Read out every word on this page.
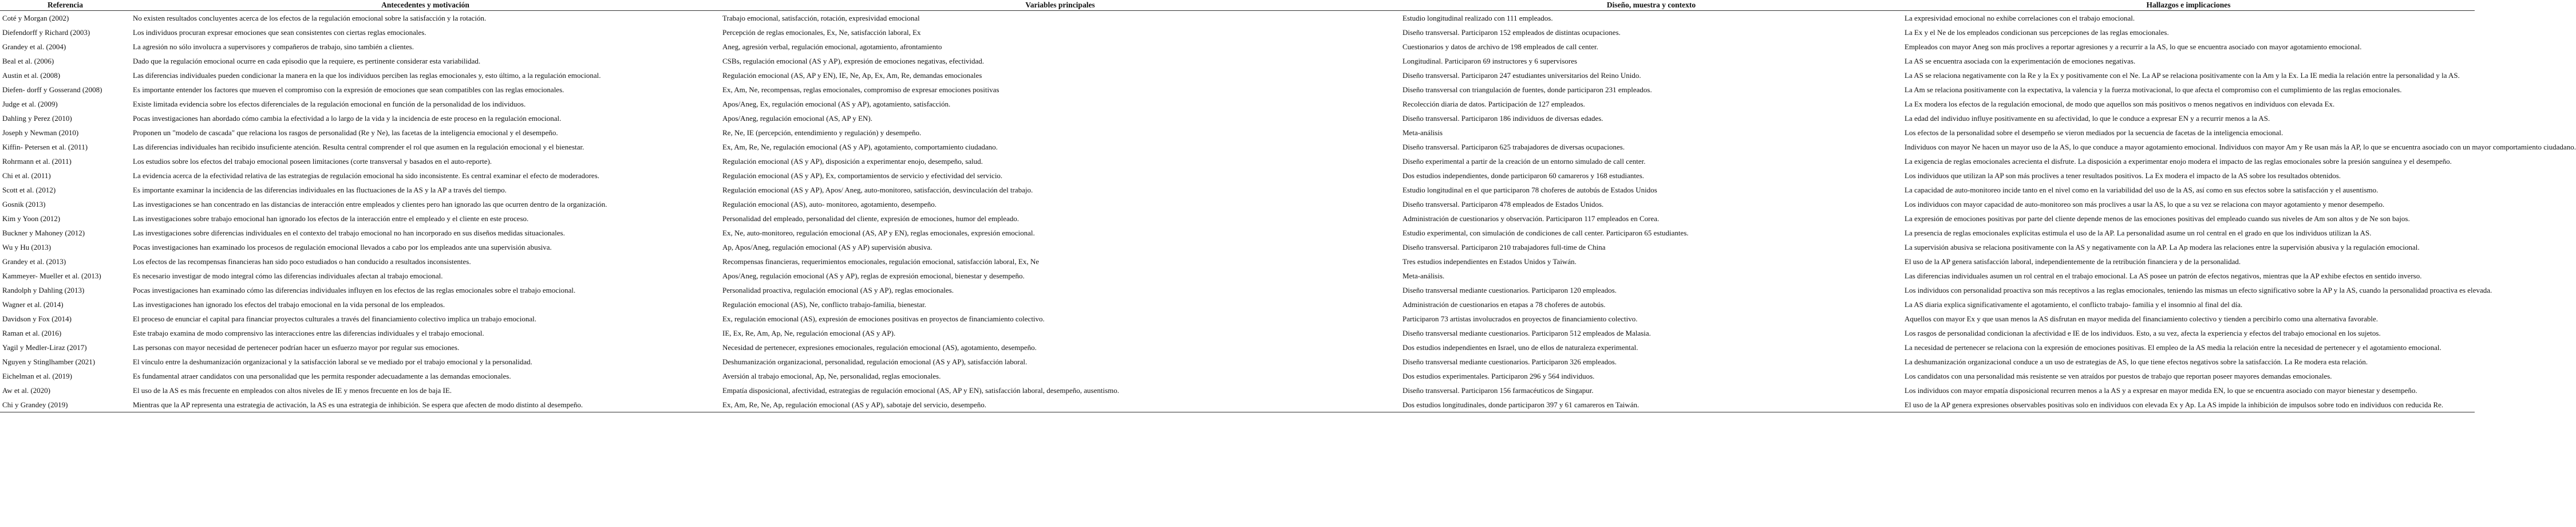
Referencia	Antecedentes y motivación	Variables principales	Diseño, muestra y contexto	Hallazgos e implicaciones
Coté y Morgan (2002)	No existen resultados concluyentes acerca de los efectos de la regulación emocional sobre la satisfacción y la rotación.	Trabajo emocional, satisfacción, rotación, expresividad emocional	Estudio longitudinal realizado con 111 empleados.	La expresividad emocional no exhibe correlaciones con el trabajo emocional.
Diefendorff y Richard (2003)	Los individuos procuran expresar emociones que sean consistentes con ciertas reglas emocionales.	Percepción de reglas emocionales, Ex, Ne, satisfacción laboral, Ex	Diseño transversal. Participaron 152 empleados de distintas ocupaciones.	La Ex y el Ne de los empleados condicionan sus percepciones de las reglas emocionales.
Grandey et al. (2004)	La agresión no sólo involucra a supervisores y compañeros de trabajo, sino también a clientes.	Aneg, agresión verbal, regulación emocional, agotamiento, afrontamiento	Cuestionarios y datos de archivo de 198 empleados de call center.	Empleados con mayor Aneg son más proclives a reportar agresiones y a recurrir a la AS, lo que se encuentra asociado con mayor agotamiento emocional.
Beal et al. (2006)	Dado que la regulación emocional ocurre en cada episodio que la requiere, es pertinente considerar esta variabilidad.	CSBs, regulación emocional (AS y AP), expresión de emociones negativas, efectividad.	Longitudinal. Participaron 69 instructores y 6 supervisores	La AS se encuentra asociada con la experimentación de emociones negativas.
Austin et al. (2008)	Las diferencias individuales pueden condicionar la manera en la que los individuos perciben las reglas emocionales y, esto último, a la regulación emocional.	Regulación emocional (AS, AP y EN), IE, Ne, Ap, Ex, Am, Re, demandas emocionales	Diseño transversal. Participaron 247 estudiantes universitarios del Reino Unido.	La AS se relaciona negativamente con la Re y la Ex y positivamente con el Ne. La AP se relaciona positivamente con la Am y la Ex. La IE media la relación entre la personalidad y la AS.
Diefen- dorff y Gosserand (2008)	Es importante entender los factores que mueven el compromiso con la expresión de emociones que sean compatibles con las reglas emocionales.	Ex, Am, Ne, recompensas, reglas emocionales, compromiso de expresar emociones positivas	Diseño transversal con triangulación de fuentes, donde participaron 231 empleados.	La Am se relaciona positivamente con la expectativa, la valencia y la fuerza motivacional, lo que afecta el compromiso con el cumplimiento de las reglas emocionales.
Judge et al. (2009)	Existe limitada evidencia sobre los efectos diferenciales de la regulación emocional en función de la personalidad de los individuos.	Apos/Aneg, Ex, regulación emocional (AS y AP), agotamiento, satisfacción.	Recolección diaria de datos. Participación de 127 empleados.	La Ex modera los efectos de la regulación emocional, de modo que aquellos son más positivos o menos negativos en individuos con elevada Ex.
Dahling y Perez (2010)	Pocas investigaciones han abordado cómo cambia la efectividad a lo largo de la vida y la incidencia de este proceso en la regulación emocional.	Apos/Aneg, regulación emocional (AS, AP y EN).	Diseño transversal. Participaron 186 individuos de diversas edades.	La edad del individuo influye positivamente en su afectividad, lo que le conduce a expresar EN y a recurrir menos a la AS.
Joseph y Newman (2010)	Proponen un "modelo de cascada" que relaciona los rasgos de personalidad (Re y Ne), las facetas de la inteligencia emocional y el desempeño.	Re, Ne, IE (percepción, entendimiento y regulación) y desempeño.	Meta-análisis	Los efectos de la personalidad sobre el desempeño se vieron mediados por la secuencia de facetas de la inteligencia emocional.
Kiffin- Petersen et al. (2011)	Las diferencias individuales han recibido insuficiente atención. Resulta central comprender el rol que asumen en la regulación emocional y el bienestar.	Ex, Am, Re, Ne, regulación emocional (AS y AP), agotamiento, comportamiento ciudadano.	Diseño transversal. Participaron 625 trabajadores de diversas ocupaciones.	Individuos con mayor Ne hacen un mayor uso de la AS, lo que conduce a mayor agotamiento emocional. Individuos con mayor Am y Re usan más la AP, lo que se encuentra asociado con un mayor comportamiento ciudadano.
Rohrmann et al. (2011)	Los estudios sobre los efectos del trabajo emocional poseen limitaciones (corte transversal y basados en el auto-reporte).	Regulación emocional (AS y AP), disposición a experimentar enojo, desempeño, salud.	Diseño experimental a partir de la creación de un entorno simulado de call center.	La exigencia de reglas emocionales acrecienta el disfrute. La disposición a experimentar enojo modera el impacto de las reglas emocionales sobre la presión sanguínea y el desempeño.
Chi et al. (2011)	La evidencia acerca de la efectividad relativa de las estrategias de regulación emocional ha sido inconsistente. Es central examinar el efecto de moderadores.	Regulación emocional (AS y AP), Ex, comportamientos de servicio y efectividad del servicio.	Dos estudios independientes, donde participaron 60 camareros y 168 estudiantes.	Los individuos que utilizan la AP son más proclives a tener resultados positivos. La Ex modera el impacto de la AS sobre los resultados obtenidos.
Scott et al. (2012)	Es importante examinar la incidencia de las diferencias individuales en las fluctuaciones de la AS y la AP a través del tiempo.	Regulación emocional (AS y AP), Apos/ Aneg, auto-monitoreo, satisfacción, desvinculación del trabajo.	Estudio longitudinal en el que participaron 78 choferes de autobús de Estados Unidos	La capacidad de auto-monitoreo incide tanto en el nivel como en la variabilidad del uso de la AS, así como en sus efectos sobre la satisfacción y el ausentismo.
Gosnik (2013)	Las investigaciones se han concentrado en las distancias de interacción entre empleados y clientes pero han ignorado las que ocurren dentro de la organización.	Regulación emocional (AS), auto- monitoreo, agotamiento, desempeño.	Diseño transversal. Participaron 478 empleados de Estados Unidos.	Los individuos con mayor capacidad de auto-monitoreo son más proclives a usar la AS, lo que a su vez se relaciona con mayor agotamiento y menor desempeño.
Kim y Yoon (2012)	Las investigaciones sobre trabajo emocional han ignorado los efectos de la interacción entre el empleado y el cliente en este proceso.	Personalidad del empleado, personalidad del cliente, expresión de emociones, humor del empleado.	Administración de cuestionarios y observación. Participaron 117 empleados en Corea.	La expresión de emociones positivas por parte del cliente depende menos de las emociones positivas del empleado cuando sus niveles de Am son altos y de Ne son bajos.
Buckner y Mahoney (2012)	Las investigaciones sobre diferencias individuales en el contexto del trabajo emocional no han incorporado en sus diseños medidas situacionales.	Ex, Ne, auto-monitoreo, regulación emocional (AS, AP y EN), reglas emocionales, expresión emocional.	Estudio experimental, con simulación de condiciones de call center. Participaron 65 estudiantes.	La presencia de reglas emocionales explícitas estimula el uso de la AP. La personalidad asume un rol central en el grado en que los individuos utilizan la AS.
Wu y Hu (2013)	Pocas investigaciones han examinado los procesos de regulación emocional llevados a cabo por los empleados ante una supervisión abusiva.	Ap, Apos/Aneg, regulación emocional (AS y AP) supervisión abusiva.	Diseño transversal. Participaron 210 trabajadores full-time de China	La supervisión abusiva se relaciona positivamente con la AS y negativamente con la AP. La Ap modera las relaciones entre la supervisión abusiva y la regulación emocional.
Grandey et al. (2013)	Los efectos de las recompensas financieras han sido poco estudiados o han conducido a resultados inconsistentes.	Recompensas financieras, requerimientos emocionales, regulación emocional, satisfacción laboral, Ex, Ne	Tres estudios independientes en Estados Unidos y Taiwán.	El uso de la AP genera satisfacción laboral, independientemente de la retribución financiera y de la personalidad.
Kammeyer- Mueller et al. (2013)	Es necesario investigar de modo integral cómo las diferencias individuales afectan al trabajo emocional.	Apos/Aneg, regulación emocional (AS y AP), reglas de expresión emocional, bienestar y desempeño.	Meta-análisis.	Las diferencias individuales asumen un rol central en el trabajo emocional. La AS posee un patrón de efectos negativos, mientras que la AP exhibe efectos en sentido inverso.
Randolph y Dahling (2013)	Pocas investigaciones han examinado cómo las diferencias individuales influyen en los efectos de las reglas emocionales sobre el trabajo emocional.	Personalidad proactiva, regulación emocional (AS y AP), reglas emocionales.	Diseño transversal mediante cuestionarios. Participaron 120 empleados.	Los individuos con personalidad proactiva son más receptivos a las reglas emocionales, teniendo las mismas un efecto significativo sobre la AP y la AS, cuando la personalidad proactiva es elevada.
Wagner et al. (2014)	Las investigaciones han ignorado los efectos del trabajo emocional en la vida personal de los empleados.	Regulación emocional (AS), Ne, conflicto trabajo-familia, bienestar.	Administración de cuestionarios en etapas a 78 choferes de autobús.	La AS diaria explica significativamente el agotamiento, el conflicto trabajo- familia y el insomnio al final del día.
Davidson y Fox (2014)	El proceso de enunciar el capital para financiar proyectos culturales a través del financiamiento colectivo implica un trabajo emocional.	Ex, regulación emocional (AS), expresión de emociones positivas en proyectos de financiamiento colectivo.	Participaron 73 artistas involucrados en proyectos de financiamiento colectivo.	Aquellos con mayor Ex y que usan menos la AS disfrutan en mayor medida del financiamiento colectivo y tienden a percibirlo como una alternativa favorable.
Raman et al. (2016)	Este trabajo examina de modo comprensivo las interacciones entre las diferencias individuales y el trabajo emocional.	IE, Ex, Re, Am, Ap, Ne, regulación emocional (AS y AP).	Diseño transversal mediante cuestionarios. Participaron 512 empleados de Malasia.	Los rasgos de personalidad condicionan la afectividad e IE de los individuos. Esto, a su vez, afecta la experiencia y efectos del trabajo emocional en los sujetos.
Yagil y Medler-Liraz (2017)	Las personas con mayor necesidad de pertenecer podrían hacer un esfuerzo mayor por regular sus emociones.	Necesidad de pertenecer, expresiones emocionales, regulación emocional (AS), agotamiento, desempeño.	Dos estudios independientes en Israel, uno de ellos de naturaleza experimental.	La necesidad de pertenecer se relaciona con la expresión de emociones positivas. El empleo de la AS media la relación entre la necesidad de pertenecer y el agotamiento emocional.
Nguyen y Stinglhamber (2021)	El vínculo entre la deshumanización organizacional y la satisfacción laboral se ve mediado por el trabajo emocional y la personalidad.	Deshumanización organizacional, personalidad, regulación emocional (AS y AP), satisfacción laboral.	Diseño transversal mediante cuestionarios. Participaron 326 empleados.	La deshumanización organizacional conduce a un uso de estrategias de AS, lo que tiene efectos negativos sobre la satisfacción. La Re modera esta relación.
Eichelman et al. (2019)	Es fundamental atraer candidatos con una personalidad que les permita responder adecuadamente a las demandas emocionales.	Aversión al trabajo emocional, Ap, Ne, personalidad, reglas emocionales.	Dos estudios experimentales. Participaron 296 y 564 individuos.	Los candidatos con una personalidad más resistente se ven atraídos por puestos de trabajo que reportan poseer mayores demandas emocionales.
Aw et al. (2020)	El uso de la AS es más frecuente en empleados con altos niveles de IE y menos frecuente en los de baja IE.	Empatía disposicional, afectividad, estrategias de regulación emocional (AS, AP y EN), satisfacción laboral, desempeño, ausentismo.	Diseño transversal. Participaron 156 farmacéuticos de Singapur.	Los individuos con mayor empatía disposicional recurren menos a la AS y a expresar en mayor medida EN, lo que se encuentra asociado con mayor bienestar y desempeño.
Chi y Grandey (2019)	Mientras que la AP representa una estrategia de activación, la AS es una estrategia de inhibición. Se espera que afecten de modo distinto al desempeño.	Ex, Am, Re, Ne, Ap, regulación emocional (AS y AP), sabotaje del servicio, desempeño.	Dos estudios longitudinales, donde participaron 397 y 61 camareros en Taiwán.	El uso de la AP genera expresiones observables positivas solo en individuos con elevada Ex y Ap. La AS impide la inhibición de impulsos sobre todo en individuos con reducida Re.
